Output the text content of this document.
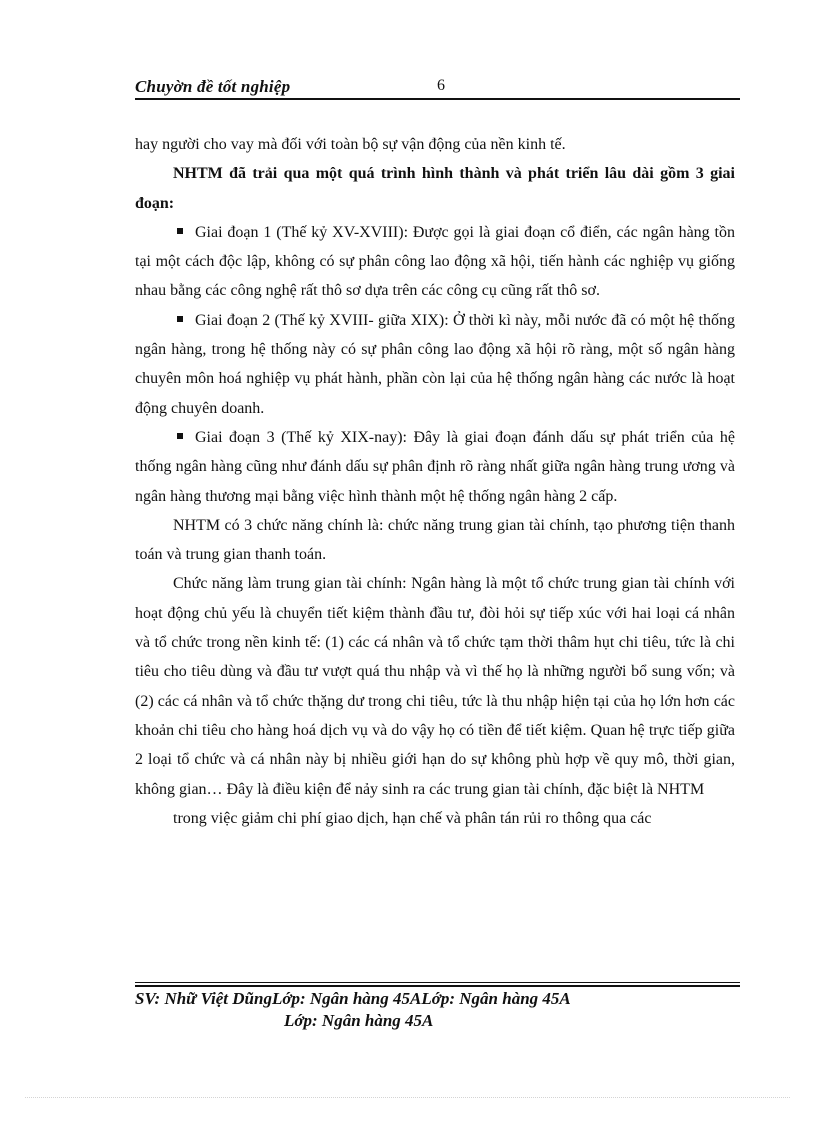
Chuyờn đề tốt nghiệp	6

hay người cho vay mà đối với toàn bộ sự vận động của nền kinh tế.

NHTM đã trải qua một quá trình hình thành và phát triển lâu dài gồm 3 giai đoạn:

Giai đoạn 1 (Thế kỷ XV-XVIII): Được gọi là giai đoạn cổ điển, các ngân hàng tồn tại một cách độc lập, không có sự phân công lao động xã hội, tiến hành các nghiệp vụ giống nhau bằng các công nghệ rất thô sơ dựa trên các công cụ cũng rất thô sơ.

Giai đoạn 2 (Thế kỷ XVIII- giữa XIX): Ở thời kì này, mỗi nước đã có một hệ thống ngân hàng, trong hệ thống này có sự phân công lao động xã hội rõ ràng, một số ngân hàng chuyên môn hoá nghiệp vụ phát hành, phần còn lại của hệ thống ngân hàng các nước là hoạt động chuyên doanh.

Giai đoạn 3 (Thế kỷ XIX-nay): Đây là giai đoạn đánh dấu sự phát triển của hệ thống ngân hàng cũng như đánh dấu sự phân định rõ ràng nhất giữa ngân hàng trung ương và ngân hàng thương mại bằng việc hình thành một hệ thống ngân hàng 2 cấp.

NHTM có 3 chức năng chính là: chức năng trung gian tài chính, tạo phương tiện thanh toán và trung gian thanh toán.

Chức năng làm trung gian tài chính: Ngân hàng là một tổ chức trung gian tài chính với hoạt động chủ yếu là chuyển tiết kiệm thành đầu tư, đòi hỏi sự tiếp xúc với hai loại cá nhân và tổ chức trong nền kinh tế: (1) các cá nhân và tổ chức tạm thời thâm hụt chi tiêu, tức là chi tiêu cho tiêu dùng và đầu tư vượt quá thu nhập và vì thế họ là những người bổ sung vốn; và (2) các cá nhân và tổ chức thặng dư trong chi tiêu, tức là thu nhập hiện tại của họ lớn hơn các khoản chi tiêu cho hàng hoá dịch vụ và do vậy họ có tiền để tiết kiệm. Quan hệ trực tiếp giữa 2 loại tổ chức và cá nhân này bị nhiều giới hạn do sự không phù hợp về quy mô, thời gian, không gian… Đây là điều kiện để nảy sinh ra các trung gian tài chính, đặc biệt là NHTM

trong việc giảm chi phí giao dịch, hạn chế và phân tán rủi ro thông qua các

SV: Nhữ Việt DũngLớp: Ngân hàng 45ALớp: Ngân hàng 45A
Lớp: Ngân hàng 45A
